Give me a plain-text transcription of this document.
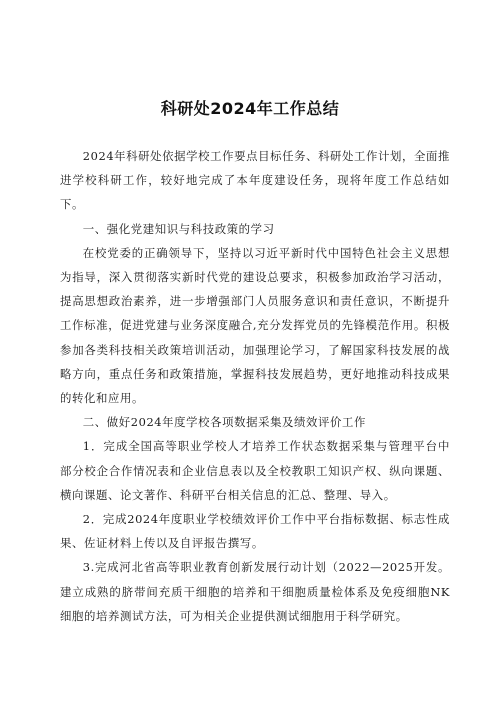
科研处2024年工作总结

2024年科研处依据学校工作要点目标任务、科研处工作计划，全面推进学校科研工作，较好地完成了本年度建设任务，现将年度工作总结如下。

一、强化党建知识与科技政策的学习

在校党委的正确领导下，坚持以习近平新时代中国特色社会主义思想为指导，深入贯彻落实新时代党的建设总要求，积极参加政治学习活动，提高思想政治素养，进一步增强部门人员服务意识和责任意识，不断提升工作标准，促进党建与业务深度融合,充分发挥党员的先锋模范作用。积极参加各类科技相关政策培训活动，加强理论学习，了解国家科技发展的战略方向，重点任务和政策措施，掌握科技发展趋势，更好地推动科技成果的转化和应用。

二、做好2024年度学校各项数据采集及绩效评价工作

1．完成全国高等职业学校人才培养工作状态数据采集与管理平台中部分校企合作情况表和企业信息表以及全校教职工知识产权、纵向课题、横向课题、论文著作、科研平台相关信息的汇总、整理、导入。

2．完成2024年度职业学校绩效评价工作中平台指标数据、标志性成果、佐证材料上传以及自评报告撰写。

3.完成河北省高等职业教育创新发展行动计划（2022—2025开发。建立成熟的脐带间充质干细胞的培养和干细胞质量检体系及免疫细胞NK细胞的培养测试方法，可为相关企业提供测试细胞用于科学研究。
